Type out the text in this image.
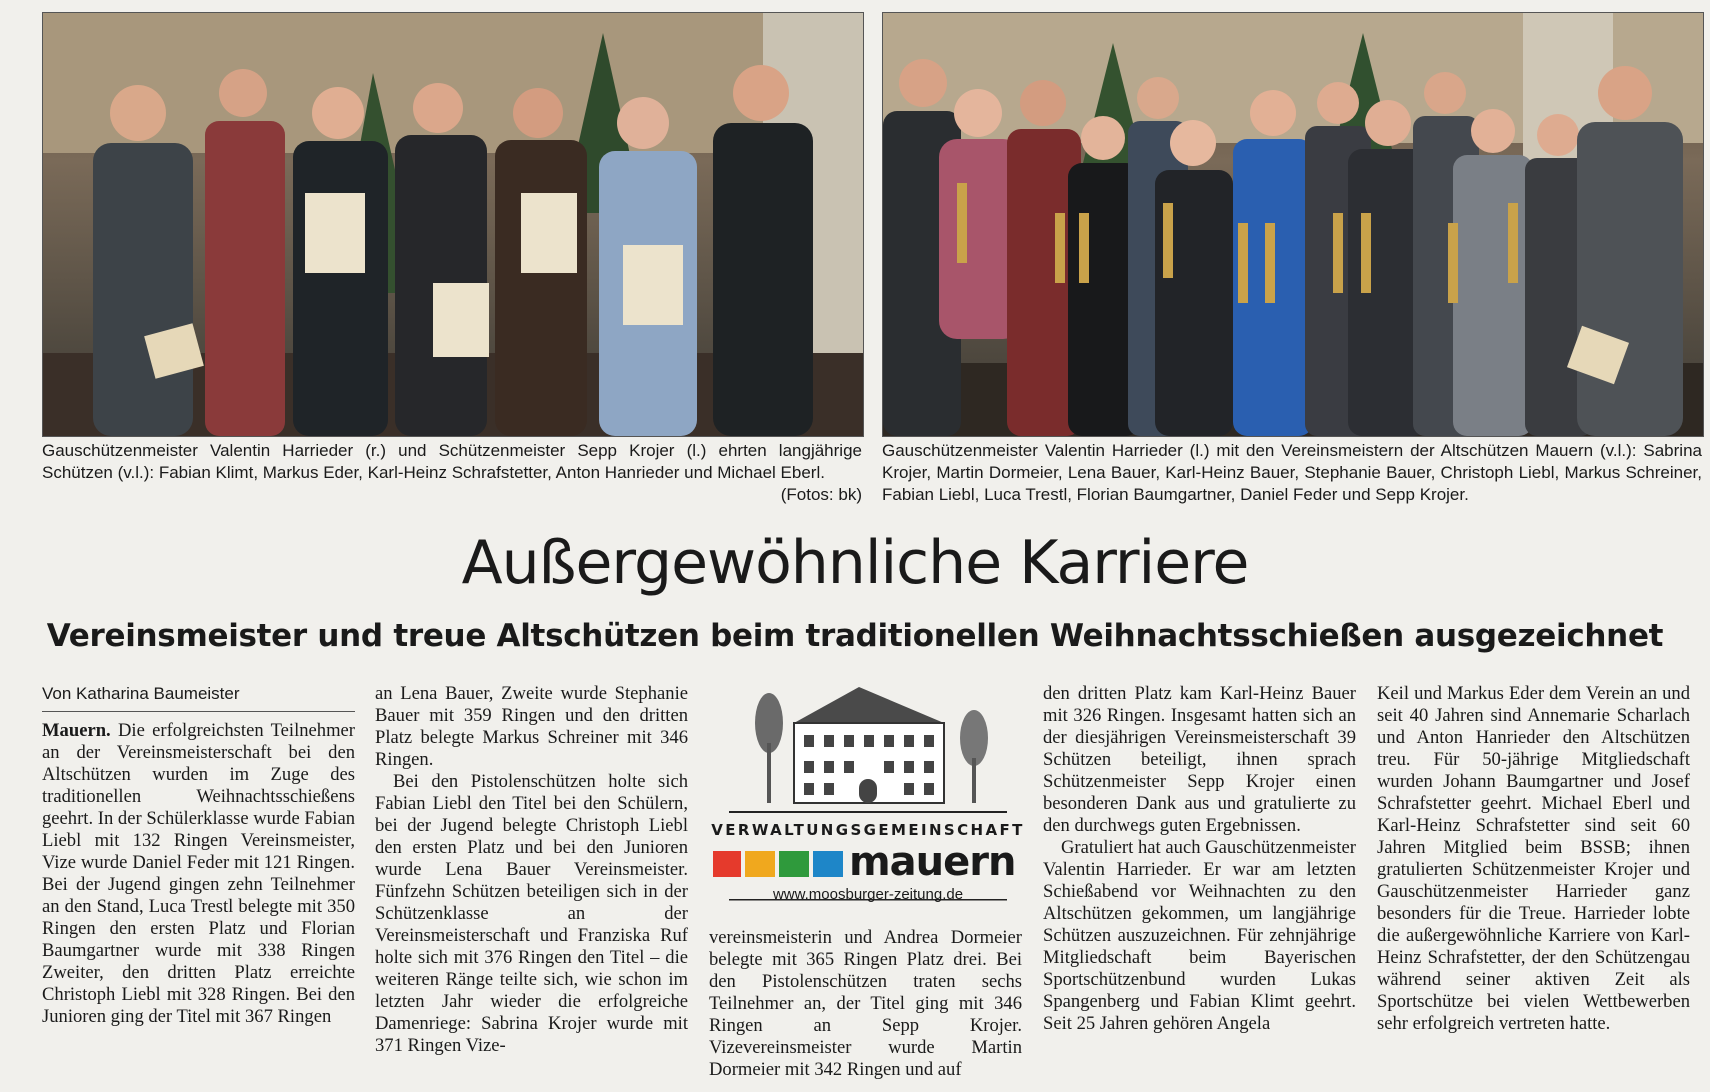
Gauschützenmeister Valentin Harrieder (r.) und Schützenmeister Sepp Krojer (l.) ehrten langjährige Schützen (v.l.): Fabian Klimt, Markus Eder, Karl-Heinz Schrafstetter, Anton Hanrieder und Michael Eberl.
(Fotos: bk)
Gauschützenmeister Valentin Harrieder (l.) mit den Vereinsmeistern der Altschützen Mauern (v.l.): Sabrina Krojer, Martin Dormeier, Lena Bauer, Karl-Heinz Bauer, Stephanie Bauer, Christoph Liebl, Markus Schreiner, Fabian Liebl, Luca Trestl, Florian Baumgartner, Daniel Feder und Sepp Krojer.
Außergewöhnliche Karriere
Vereinsmeister und treue Altschützen beim traditionellen Weihnachtsschießen ausgezeichnet

Von Katharina Baumeister

Mauern. Die erfolgreichsten Teilnehmer an der Vereinsmeisterschaft bei den Altschützen wurden im Zuge des traditionellen Weihnachtsschießens geehrt. In der Schülerklasse wurde Fabian Liebl mit 132 Ringen Vereinsmeister, Vize wurde Daniel Feder mit 121 Ringen. Bei der Jugend gingen zehn Teilnehmer an den Stand, Luca Trestl belegte mit 350 Ringen den ersten Platz und Florian Baumgartner wurde mit 338 Ringen Zweiter, den dritten Platz erreichte Christoph Liebl mit 328 Ringen. Bei den Junioren ging der Titel mit 367 Ringen

an Lena Bauer, Zweite wurde Stephanie Bauer mit 359 Ringen und den dritten Platz belegte Markus Schreiner mit 346 Ringen.

Bei den Pistolenschützen holte sich Fabian Liebl den Titel bei den Schülern, bei der Jugend belegte Christoph Liebl den ersten Platz und bei den Junioren wurde Lena Bauer Vereinsmeister. Fünfzehn Schützen beteiligen sich in der Schützenklasse an der Vereinsmeisterschaft und Franziska Ruf holte sich mit 376 Ringen den Titel – die weiteren Ränge teilte sich, wie schon im letzten Jahr wieder die erfolgreiche Damenriege: Sabrina Krojer wurde mit 371 Ringen Vize-

VERWALTUNGSGEMEINSCHAFT
mauern
www.moosburger-zeitung.de

vereinsmeisterin und Andrea Dormeier belegte mit 365 Ringen Platz drei. Bei den Pistolenschützen traten sechs Teilnehmer an, der Titel ging mit 346 Ringen an Sepp Krojer. Vizevereinsmeister wurde Martin Dormeier mit 342 Ringen und auf

den dritten Platz kam Karl-Heinz Bauer mit 326 Ringen. Insgesamt hatten sich an der diesjährigen Vereinsmeisterschaft 39 Schützen beteiligt, ihnen sprach Schützenmeister Sepp Krojer einen besonderen Dank aus und gratulierte zu den durchwegs guten Ergebnissen.

Gratuliert hat auch Gauschützenmeister Valentin Harrieder. Er war am letzten Schießabend vor Weihnachten zu den Altschützen gekommen, um langjährige Schützen auszuzeichnen. Für zehnjährige Mitgliedschaft beim Bayerischen Sportschützenbund wurden Lukas Spangenberg und Fabian Klimt geehrt. Seit 25 Jahren gehören Angela

Keil und Markus Eder dem Verein an und seit 40 Jahren sind Annemarie Scharlach und Anton Hanrieder den Altschützen treu. Für 50-jährige Mitgliedschaft wurden Johann Baumgartner und Josef Schrafstetter geehrt. Michael Eberl und Karl-Heinz Schrafstetter sind seit 60 Jahren Mitglied beim BSSB; ihnen gratulierten Schützenmeister Krojer und Gauschützenmeister Harrieder ganz besonders für die Treue. Harrieder lobte die außergewöhnliche Karriere von Karl-Heinz Schrafstetter, der den Schützengau während seiner aktiven Zeit als Sportschütze bei vielen Wettbewerben sehr erfolgreich vertreten hatte.
